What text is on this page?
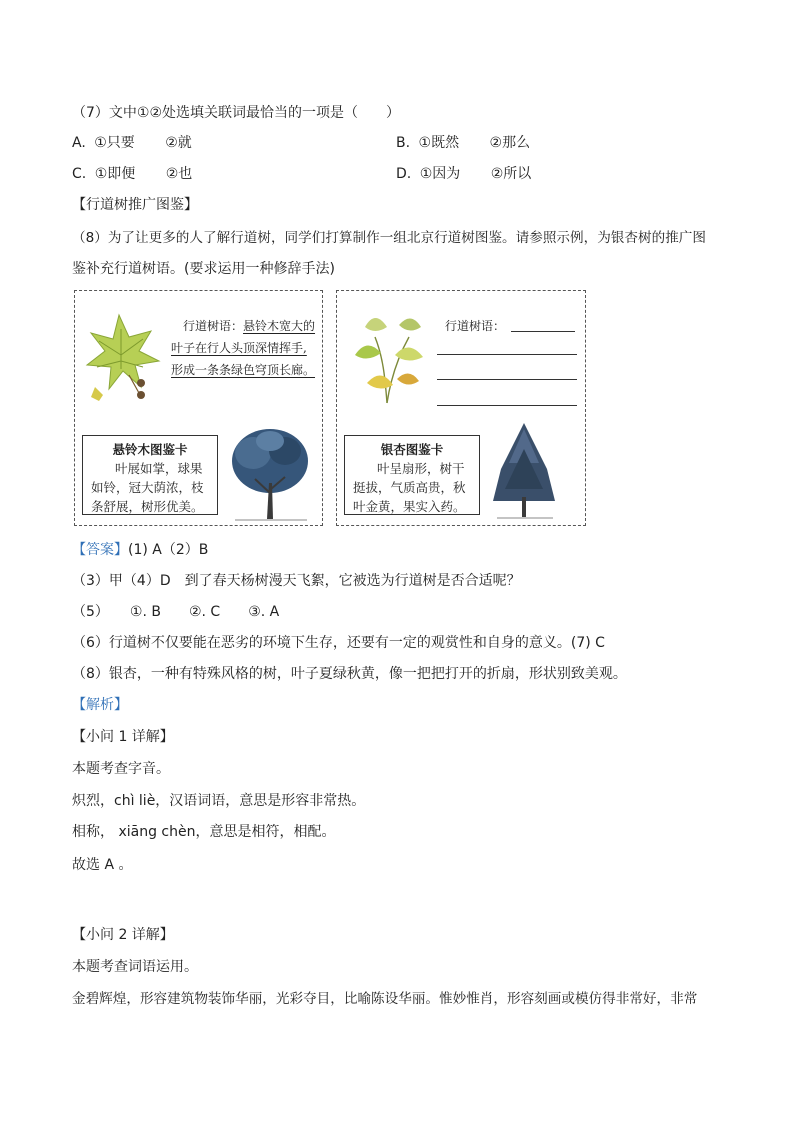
（7）文中①②处选填关联词最恰当的一项是（　　）
A. ①只要 ②就	B. ①既然 ②那么
C. ①即便 ②也	D. ①因为 ②所以
【行道树推广图鉴】
（8）为了让更多的人了解行道树，同学们打算制作一组北京行道树图鉴。请参照示例，为银杏树的推广图
鉴补充行道树语。(要求运用一种修辞手法)
行道树语：悬铃木宽大的
叶子在行人头顶深情挥手,
形成一条条绿色穹顶长廊。
悬铃木图鉴卡
叶展如掌，球果
如铃，冠大荫浓，枝
条舒展，树形优美。
行道树语：
银杏图鉴卡
叶呈扇形，树干
挺拔，气质高贵，秋
叶金黄，果实入药。
【答案】(1) A（2）B
（3）甲（4）D　到了春天杨树漫天飞絮，它被选为行道树是否合适呢？
（5）　　①. B　　②. C　　③. A
（6）行道树不仅要能在恶劣的环境下生存，还要有一定的观赏性和自身的意义。(7) C
（8）银杏，一种有特殊风格的树，叶子夏绿秋黄，像一把把打开的折扇，形状别致美观。
【解析】
【小问 1 详解】
本题考查字音。
炽烈，chì liè，汉语词语，意思是形容非常热。
相称， xiāng chèn，意思是相符，相配。
故选 A 。
【小问 2 详解】
本题考查词语运用。
金碧辉煌，形容建筑物装饰华丽，光彩夺目，比喻陈设华丽。惟妙惟肖，形容刻画或模仿得非常好，非常
